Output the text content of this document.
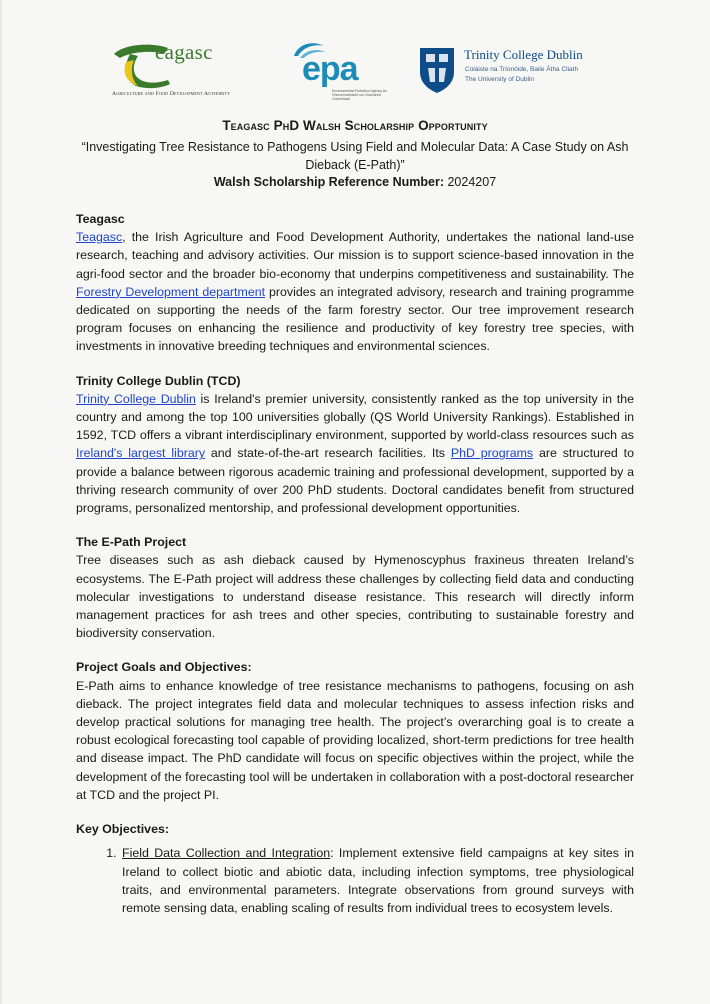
eagasc
Agriculture and Food Development Authority
epa
Environmental Protection Agency An Ghníomhaireacht um Chaomhnú Comhshaoil
Trinity College Dublin
Coláiste na Tríonóide, Baile Átha Cliath
The University of Dublin

Teagasc PhD Walsh Scholarship Opportunity

“Investigating Tree Resistance to Pathogens Using Field and Molecular Data: A Case Study on Ash Dieback (E-Path)”

Walsh Scholarship Reference Number: 2024207

Teagasc

Teagasc, the Irish Agriculture and Food Development Authority, undertakes the national land-use research, teaching and advisory activities. Our mission is to support science-based innovation in the agri-food sector and the broader bio-economy that underpins competitiveness and sustainability. The Forestry Development department provides an integrated advisory, research and training programme dedicated on supporting the needs of the farm forestry sector. Our tree improvement research program focuses on enhancing the resilience and productivity of key forestry tree species, with investments in innovative breeding techniques and environmental sciences.

Trinity College Dublin (TCD)

Trinity College Dublin is Ireland's premier university, consistently ranked as the top university in the country and among the top 100 universities globally (QS World University Rankings). Established in 1592, TCD offers a vibrant interdisciplinary environment, supported by world-class resources such as Ireland's largest library and state-of-the-art research facilities. Its PhD programs are structured to provide a balance between rigorous academic training and professional development, supported by a thriving research community of over 200 PhD students. Doctoral candidates benefit from structured programs, personalized mentorship, and professional development opportunities.

The E-Path Project

Tree diseases such as ash dieback caused by Hymenoscyphus fraxineus threaten Ireland’s ecosystems. The E-Path project will address these challenges by collecting field data and conducting molecular investigations to understand disease resistance. This research will directly inform management practices for ash trees and other species, contributing to sustainable forestry and biodiversity conservation.

Project Goals and Objectives:

E-Path aims to enhance knowledge of tree resistance mechanisms to pathogens, focusing on ash dieback. The project integrates field data and molecular techniques to assess infection risks and develop practical solutions for managing tree health. The project’s overarching goal is to create a robust ecological forecasting tool capable of providing localized, short-term predictions for tree health and disease impact. The PhD candidate will focus on specific objectives within the project, while the development of the forecasting tool will be undertaken in collaboration with a post-doctoral researcher at TCD and the project PI.

Key Objectives:

1. Field Data Collection and Integration: Implement extensive field campaigns at key sites in Ireland to collect biotic and abiotic data, including infection symptoms, tree physiological traits, and environmental parameters. Integrate observations from ground surveys with remote sensing data, enabling scaling of results from individual trees to ecosystem levels.
